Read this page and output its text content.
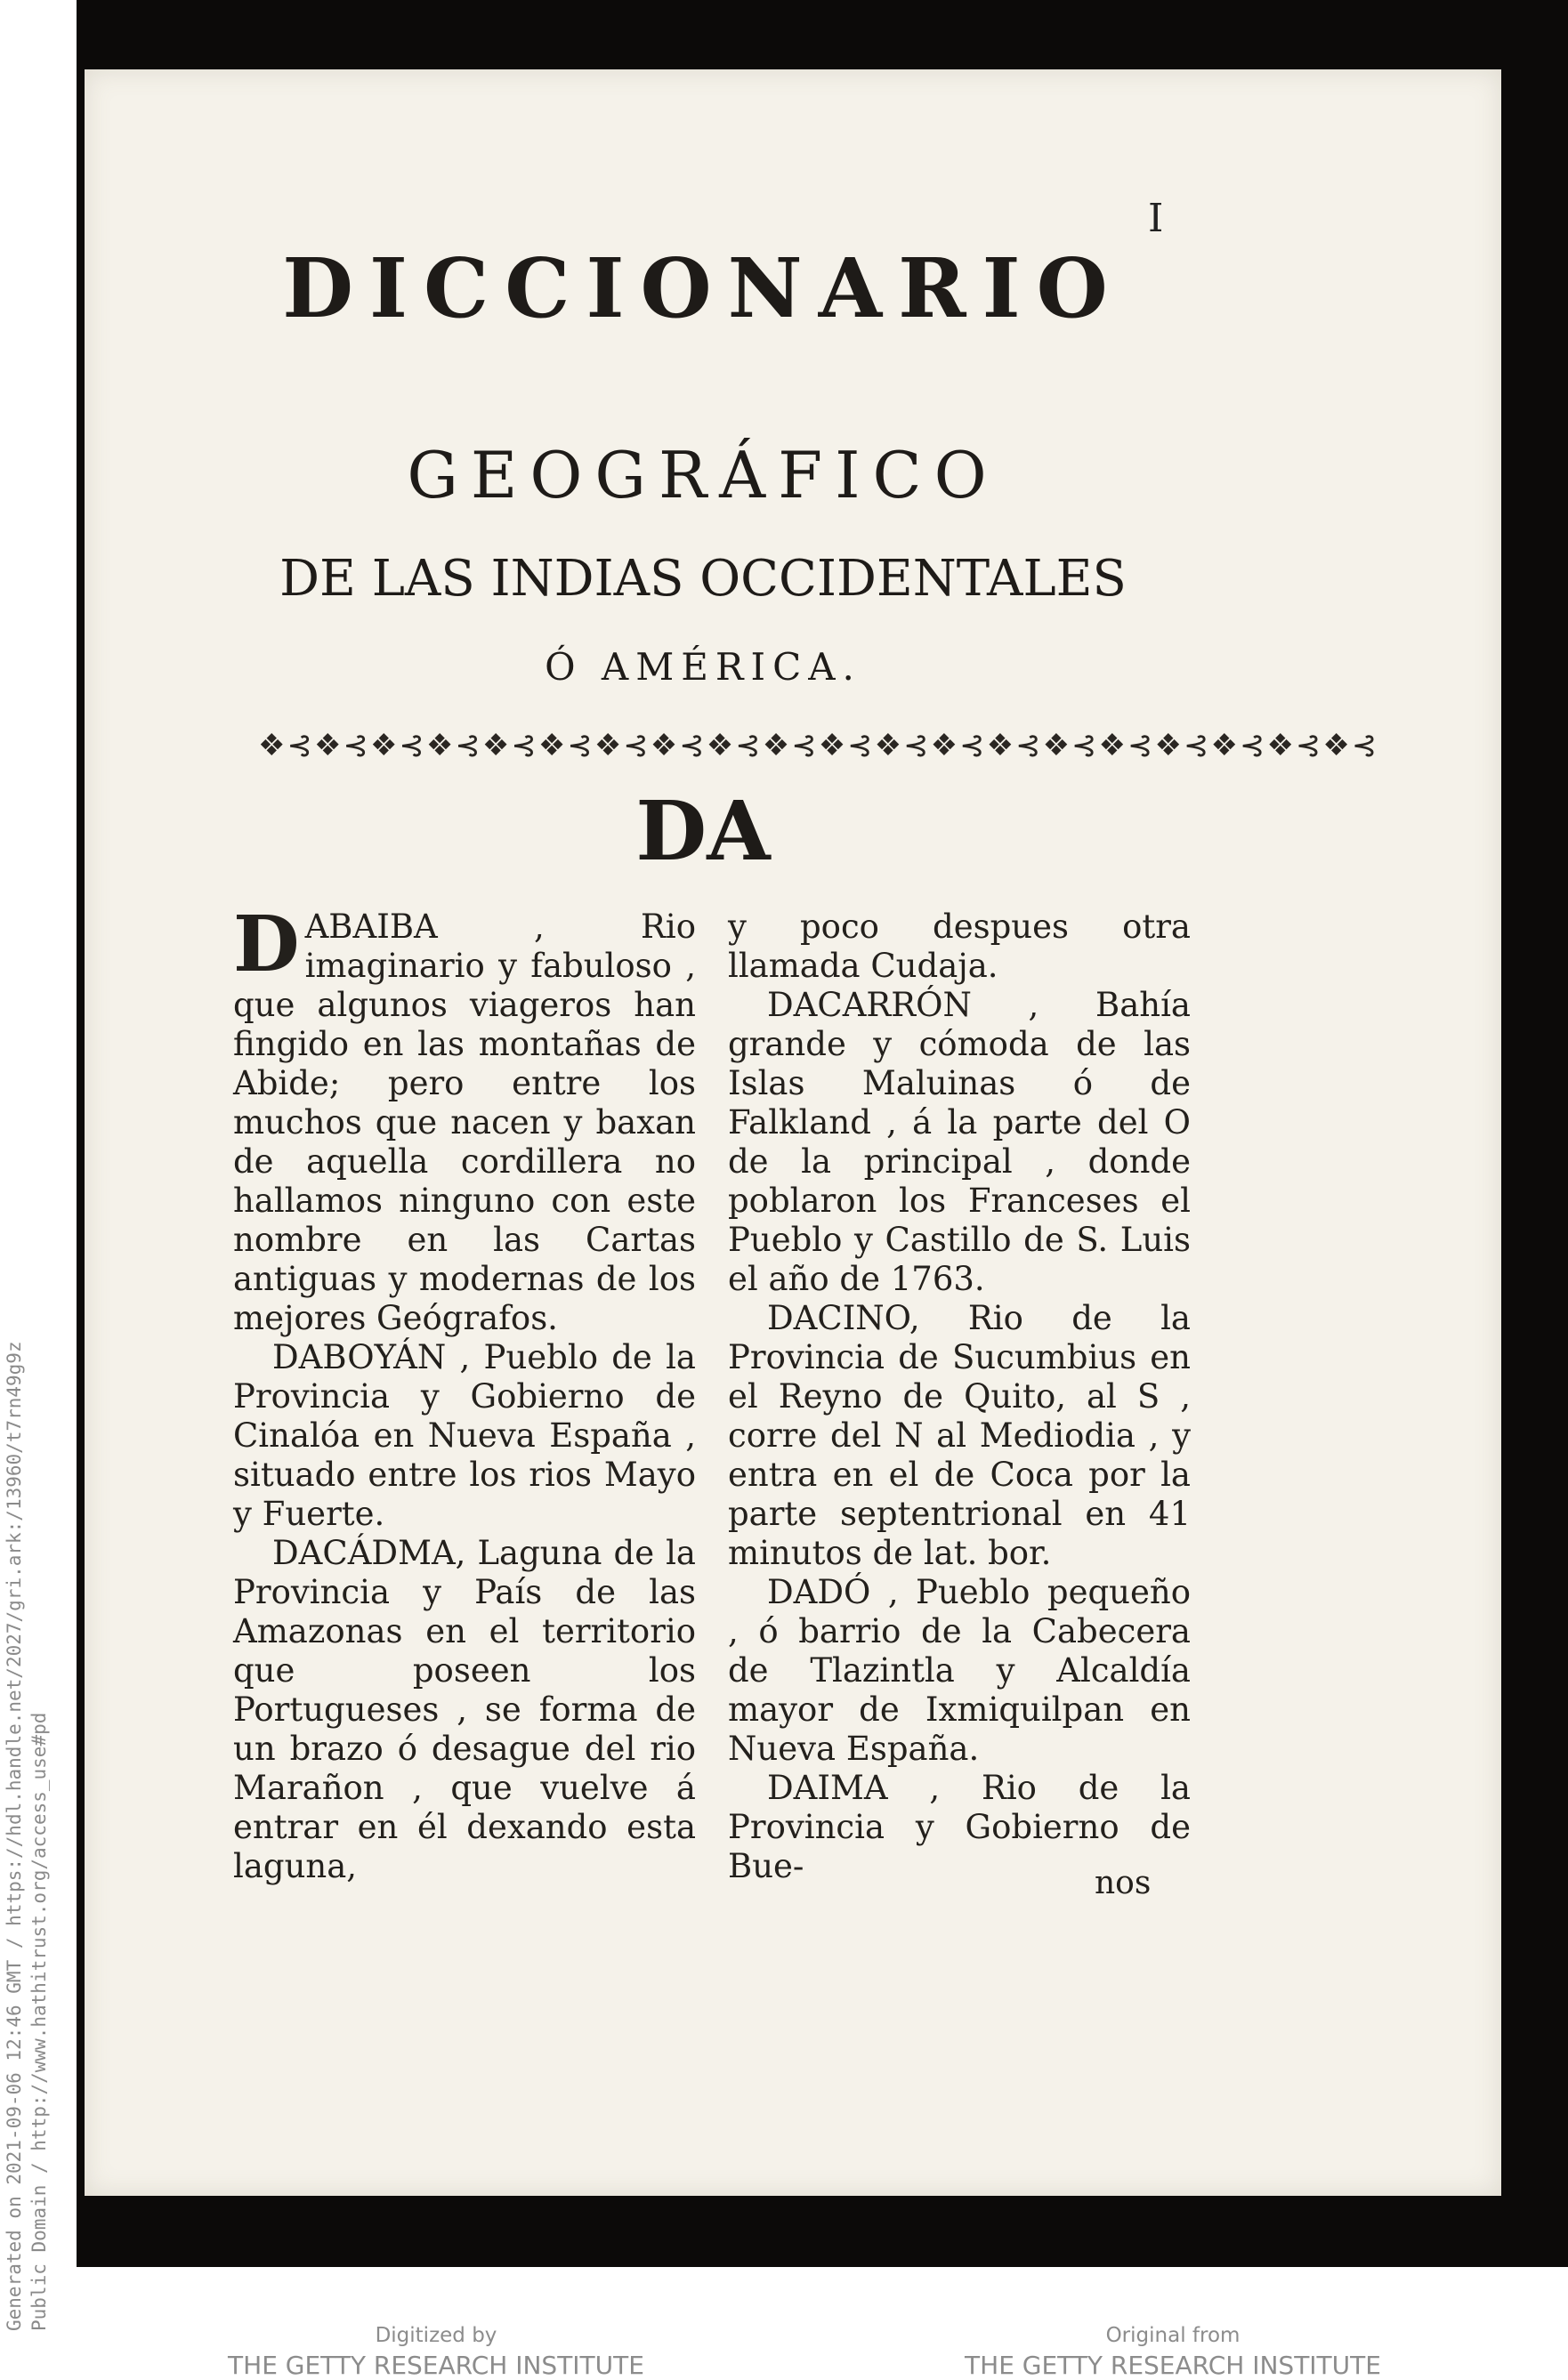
I
DICCIONARIO
GEOGRÁFICO
DE LAS INDIAS OCCIDENTALES
Ó AMÉRICA.
❖⊰❖⊰❖⊰❖⊰❖⊰❖⊰❖⊰❖⊰❖⊰❖⊰❖⊰❖⊰❖⊰❖⊰❖⊰❖⊰❖⊰❖⊰❖⊰❖⊰
DA

DABAIBA , Rio imaginario y fabuloso , que algunos viageros han fingido en las montañas de Abide; pero entre los muchos que nacen y baxan de aquella cordillera no hallamos ninguno con este nombre en las Cartas antiguas y modernas de los mejores Geógrafos.

DABOYÁN , Pueblo de la Provincia y Gobierno de Cinalóa en Nueva España , situado entre los rios Mayo y Fuerte.

DACÁDMA, Laguna de la Provincia y País de las Amazonas en el territorio que poseen los Portugueses , se forma de un brazo ó desague del rio Marañon , que vuelve á entrar en él dexando esta laguna,

y poco despues otra llamada Cudaja.

DACARRÓN , Bahía grande y cómoda de las Islas Maluinas ó de Falkland , á la parte del O de la principal , donde poblaron los Franceses el Pueblo y Castillo de S. Luis el año de 1763.

DACINO, Rio de la Provincia de Sucumbius en el Reyno de Quito, al S , corre del N al Mediodia , y entra en el de Coca por la parte septentrional en 41 minutos de lat. bor.

DADÓ , Pueblo pequeño , ó barrio de la Cabecera de Tlazintla y Alcaldía mayor de Ixmiquilpan en Nueva España.

DAIMA , Rio de la Provincia y Gobierno de Bue-	nos
Generated on 2021-09-06 12:46 GMT / https://hdl.handle.net/2027/gri.ark:/13960/t7rn49g9z Public Domain / http://www.hathitrust.org/access_use#pd
Digitized by
THE GETTY RESEARCH INSTITUTE
Original from
THE GETTY RESEARCH INSTITUTE
